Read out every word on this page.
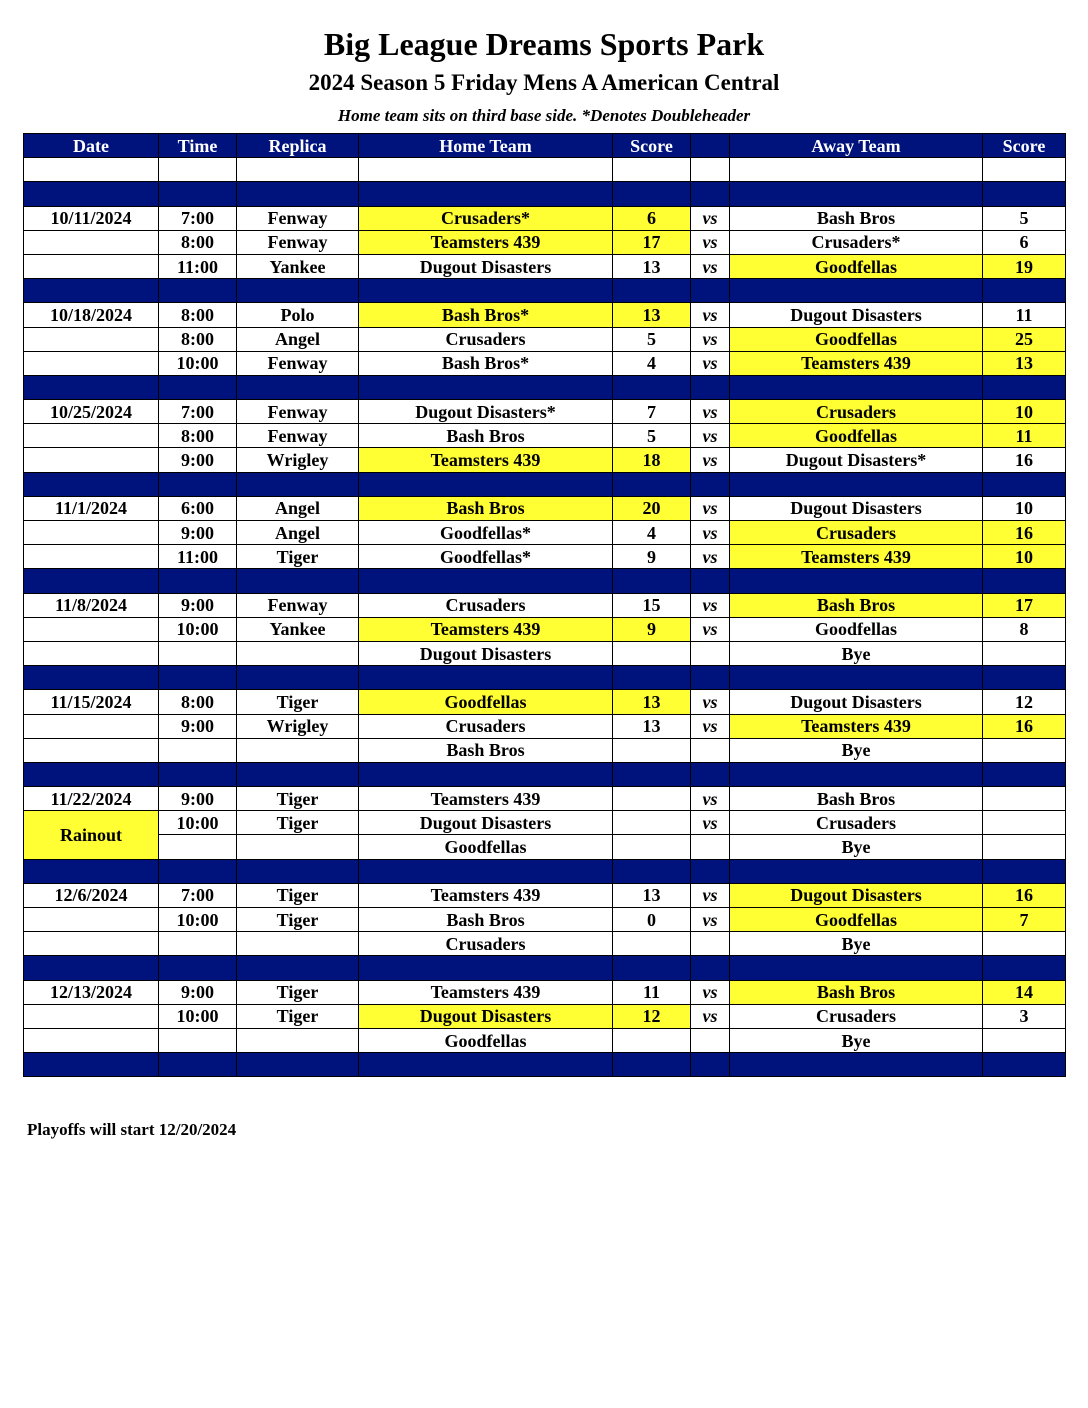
Big League Dreams Sports Park
2024 Season 5 Friday Mens A American Central
Home team sits on third base side. *Denotes Doubleheader
Date	Time	Replica	Home Team	Score		Away Team	Score

10/11/2024	7:00	Fenway	Crusaders*	6	vs	Bash Bros	5
	8:00	Fenway	Teamsters 439	17	vs	Crusaders*	6
	11:00	Yankee	Dugout Disasters	13	vs	Goodfellas	19

10/18/2024	8:00	Polo	Bash Bros*	13	vs	Dugout Disasters	11
	8:00	Angel	Crusaders	5	vs	Goodfellas	25
	10:00	Fenway	Bash Bros*	4	vs	Teamsters 439	13

10/25/2024	7:00	Fenway	Dugout Disasters*	7	vs	Crusaders	10
	8:00	Fenway	Bash Bros	5	vs	Goodfellas	11
	9:00	Wrigley	Teamsters 439	18	vs	Dugout Disasters*	16

11/1/2024	6:00	Angel	Bash Bros	20	vs	Dugout Disasters	10
	9:00	Angel	Goodfellas*	4	vs	Crusaders	16
	11:00	Tiger	Goodfellas*	9	vs	Teamsters 439	10

11/8/2024	9:00	Fenway	Crusaders	15	vs	Bash Bros	17
	10:00	Yankee	Teamsters 439	9	vs	Goodfellas	8
			Dugout Disasters			Bye	

11/15/2024	8:00	Tiger	Goodfellas	13	vs	Dugout Disasters	12
	9:00	Wrigley	Crusaders	13	vs	Teamsters 439	16
			Bash Bros			Bye	

11/22/2024	9:00	Tiger	Teamsters 439		vs	Bash Bros	
Rainout	10:00	Tiger	Dugout Disasters		vs	Crusaders	
			Goodfellas			Bye	

12/6/2024	7:00	Tiger	Teamsters 439	13	vs	Dugout Disasters	16
	10:00	Tiger	Bash Bros	0	vs	Goodfellas	7
			Crusaders			Bye	

12/13/2024	9:00	Tiger	Teamsters 439	11	vs	Bash Bros	14
	10:00	Tiger	Dugout Disasters	12	vs	Crusaders	3
			Goodfellas			Bye	

Playoffs will start 12/20/2024
